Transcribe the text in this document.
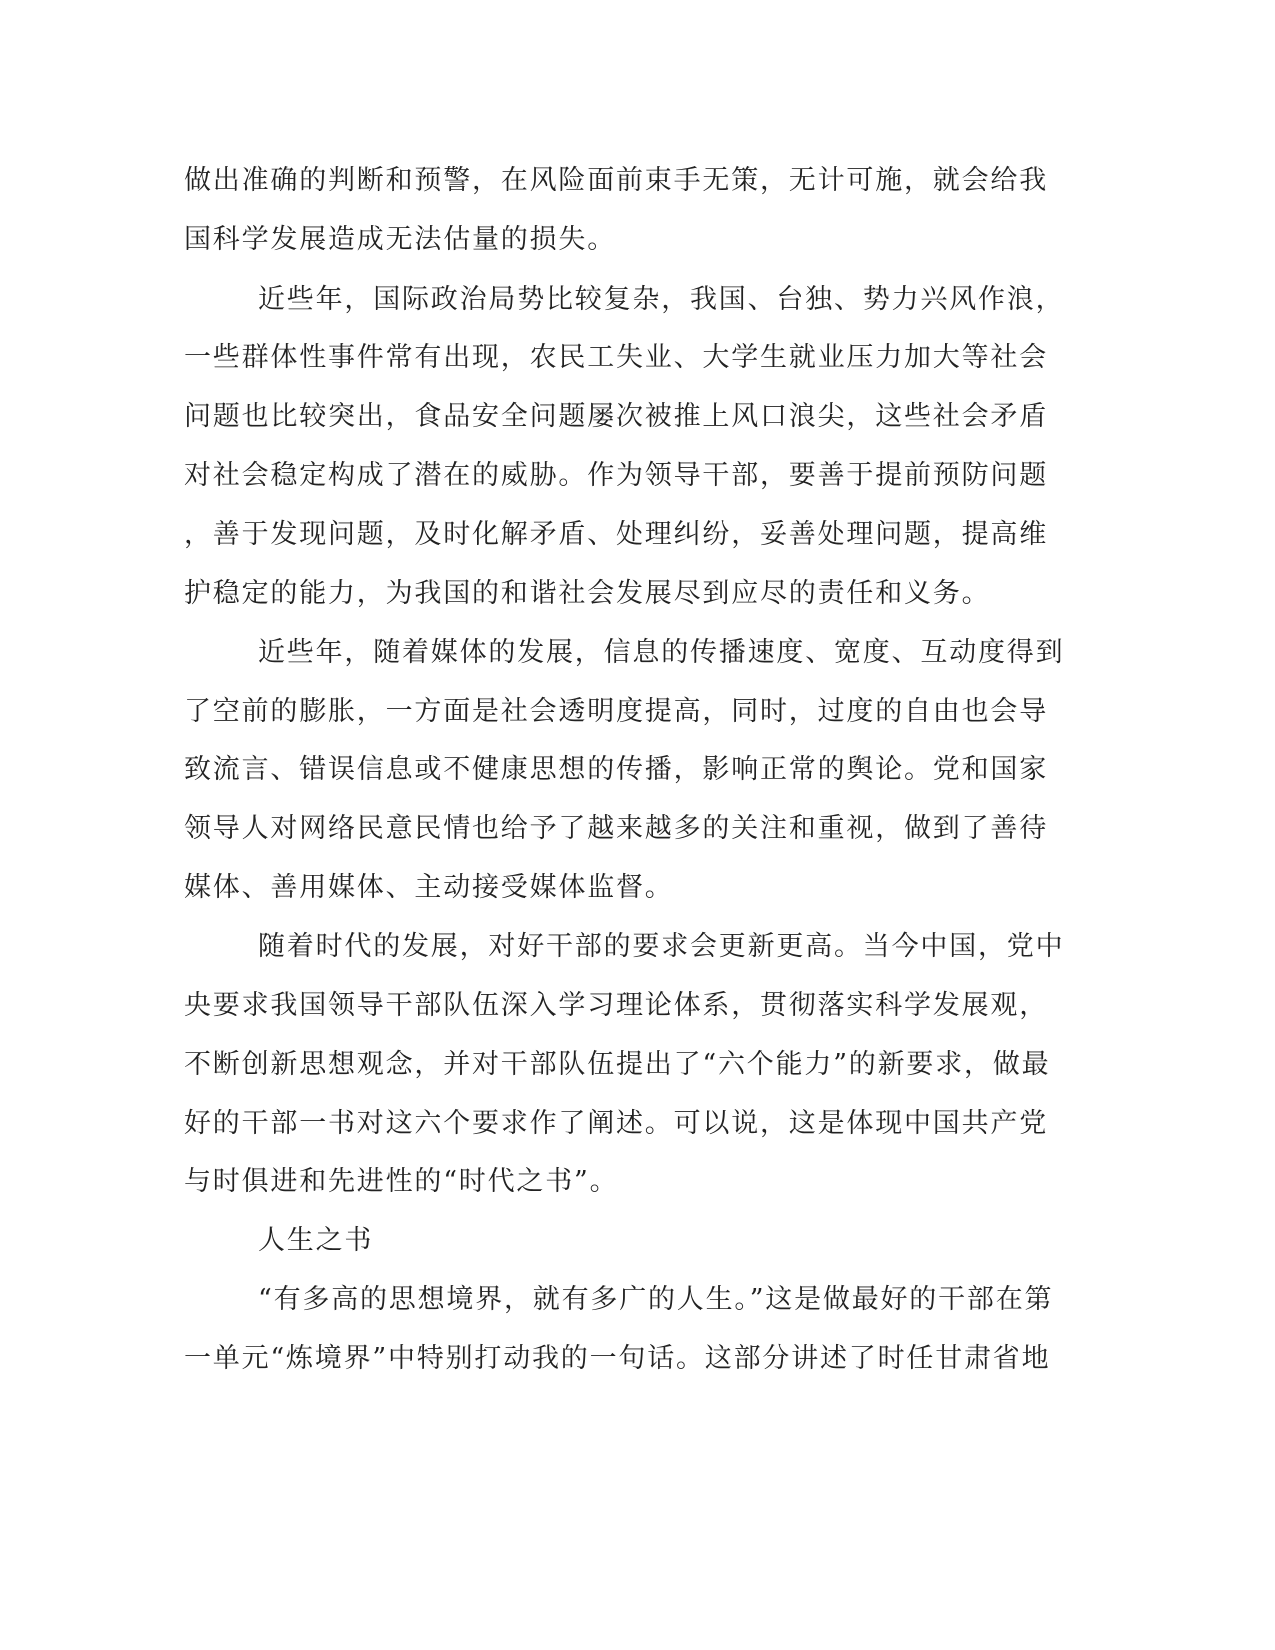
做出准确的判断和预警，在风险面前束手无策，无计可施，就会给我
国科学发展造成无法估量的损失。
近些年，国际政治局势比较复杂，我国、台独、势力兴风作浪，
一些群体性事件常有出现，农民工失业、大学生就业压力加大等社会
问题也比较突出，食品安全问题屡次被推上风口浪尖，这些社会矛盾
对社会稳定构成了潜在的威胁。作为领导干部，要善于提前预防问题
，善于发现问题，及时化解矛盾、处理纠纷，妥善处理问题，提高维
护稳定的能力，为我国的和谐社会发展尽到应尽的责任和义务。
近些年，随着媒体的发展，信息的传播速度、宽度、互动度得到
了空前的膨胀，一方面是社会透明度提高，同时，过度的自由也会导
致流言、错误信息或不健康思想的传播，影响正常的舆论。党和国家
领导人对网络民意民情也给予了越来越多的关注和重视，做到了善待
媒体、善用媒体、主动接受媒体监督。
随着时代的发展，对好干部的要求会更新更高。当今中国，党中
央要求我国领导干部队伍深入学习理论体系，贯彻落实科学发展观，
不断创新思想观念，并对干部队伍提出了“六个能力”的新要求，做最
好的干部一书对这六个要求作了阐述。可以说，这是体现中国共产党
与时俱进和先进性的“时代之书”。
人生之书
“有多高的思想境界，就有多广的人生。”这是做最好的干部在第
一单元“炼境界”中特别打动我的一句话。这部分讲述了时任甘肃省地
